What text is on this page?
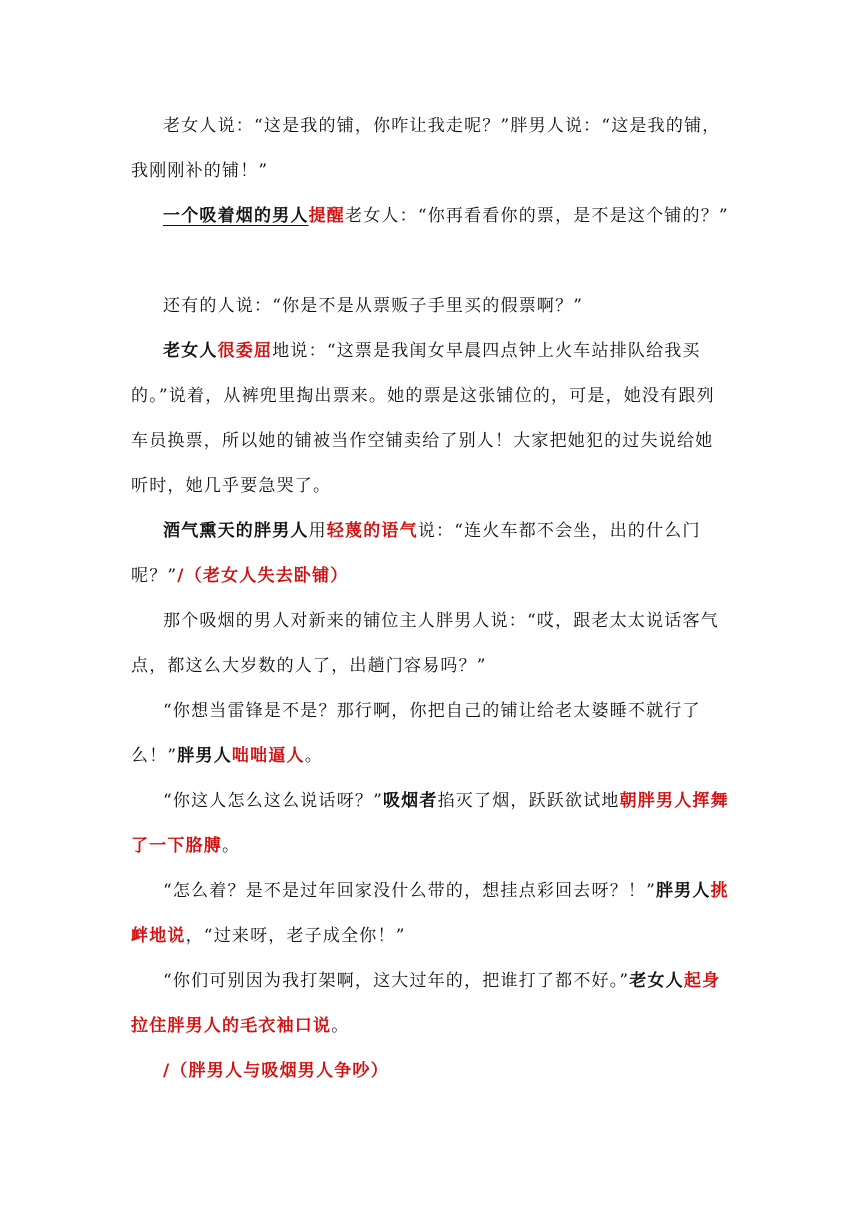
老女人说：“这是我的铺，你咋让我走呢？”胖男人说：“这是我的铺，我刚刚补的铺！”

一个吸着烟的男人提醒老女人：“你再看看你的票，是不是这个铺的？”

还有的人说：“你是不是从票贩子手里买的假票啊？”

老女人很委屈地说：“这票是我闺女早晨四点钟上火车站排队给我买的。”说着，从裤兜里掏出票来。她的票是这张铺位的，可是，她没有跟列车员换票，所以她的铺被当作空铺卖给了别人！大家把她犯的过失说给她听时，她几乎要急哭了。

酒气熏天的胖男人用轻蔑的语气说：“连火车都不会坐，出的什么门呢？”/（老女人失去卧铺）

那个吸烟的男人对新来的铺位主人胖男人说：“哎，跟老太太说话客气点，都这么大岁数的人了，出趟门容易吗？”

“你想当雷锋是不是？那行啊，你把自己的铺让给老太婆睡不就行了么！”胖男人咄咄逼人。

“你这人怎么这么说话呀？”吸烟者掐灭了烟，跃跃欲试地朝胖男人挥舞了一下胳膊。

“怎么着？是不是过年回家没什么带的，想挂点彩回去呀？！”胖男人挑衅地说，“过来呀，老子成全你！”

“你们可别因为我打架啊，这大过年的，把谁打了都不好。”老女人起身拉住胖男人的毛衣袖口说。

/（胖男人与吸烟男人争吵）
